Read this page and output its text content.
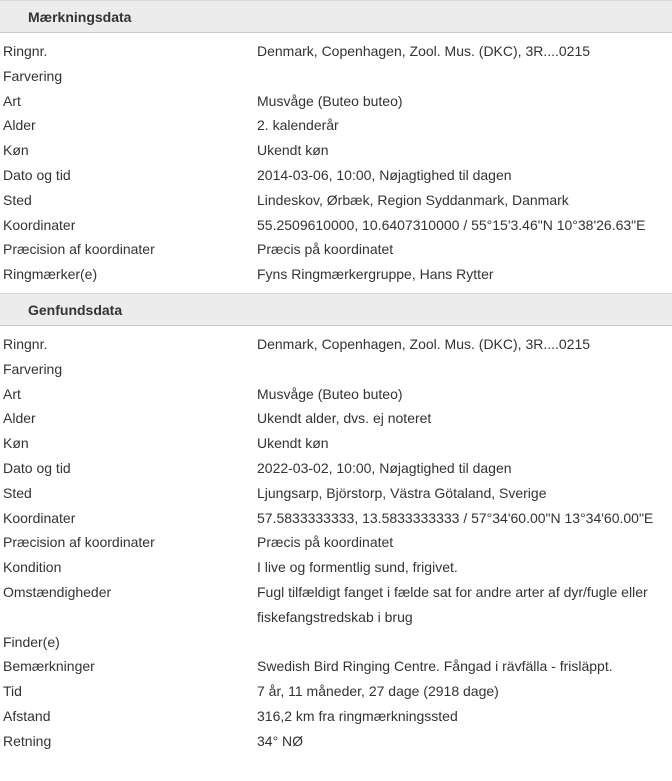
Mærkningsdata
Ringnr.	Denmark, Copenhagen, Zool. Mus. (DKC), 3R....0215
Farvering
Art	Musvåge (Buteo buteo)
Alder	2. kalenderår
Køn	Ukendt køn
Dato og tid	2014-03-06, 10:00, Nøjagtighed til dagen
Sted	Lindeskov, Ørbæk, Region Syddanmark, Danmark
Koordinater	55.2509610000, 10.6407310000 / 55°15'3.46"N 10°38'26.63"E
Præcision af koordinater	Præcis på koordinatet
Ringmærker(e)	Fyns Ringmærkergruppe, Hans Rytter
Genfundsdata
Ringnr.	Denmark, Copenhagen, Zool. Mus. (DKC), 3R....0215
Farvering
Art	Musvåge (Buteo buteo)
Alder	Ukendt alder, dvs. ej noteret
Køn	Ukendt køn
Dato og tid	2022-03-02, 10:00, Nøjagtighed til dagen
Sted	Ljungsarp, Björstorp, Västra Götaland, Sverige
Koordinater	57.5833333333, 13.5833333333 / 57°34'60.00"N 13°34'60.00"E
Præcision af koordinater	Præcis på koordinatet
Kondition	I live og formentlig sund, frigivet.
Omstændigheder	Fugl tilfældigt fanget i fælde sat for andre arter af dyr/fugle eller fiskefangstredskab i brug
Finder(e)
Bemærkninger	Swedish Bird Ringing Centre. Fångad i rävfälla - frisläppt.
Tid	7 år, 11 måneder, 27 dage (2918 dage)
Afstand	316,2 km fra ringmærkningssted
Retning	34° NØ
